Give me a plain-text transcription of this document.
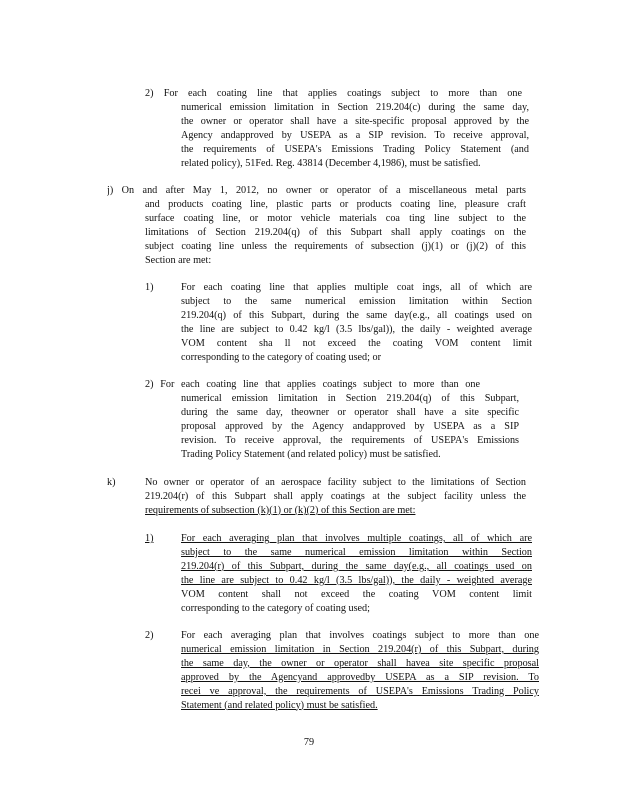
2) For each coating line that applies coatings subject to more than one
numerical emission limitation in Section 219.204(c) during the same day,
the owner or operator shall have a site-specific proposal approved by the
Agency andapproved by USEPA as a SIP revision. To receive approval,
the requirements of USEPA's Emissions Trading Policy Statement (and
related policy), 51Fed. Reg. 43814 (December 4,1986), must be satisfied.
j) On and after May 1, 2012, no owner or operator of a miscellaneous metal parts
and products coating line, plastic parts or products coating line, pleasure craft
surface coating line, or motor vehicle materials coa ting line subject to the
limitations of Section 219.204(q) of this Subpart shall apply coatings on the
subject coating line unless the requirements of subsection (j)(1) or (j)(2) of this
Section are met:
1)	For each coating line that applies multiple coat ings, all of which are
subject to the same numerical emission limitation within Section
219.204(q) of this Subpart, during the same day(e.g., all coatings used on
the line are subject to 0.42 kg/l (3.5 lbs/gal)), the daily - weighted average
VOM content sha ll not exceed the coating VOM content limit
corresponding to the category of coating used; or
2) For each coating line that applies coatings subject to more than one
numerical emission limitation in Section 219.204(q) of this Subpart,
during the same day, theowner or operator shall have a site specific
proposal approved by the Agency andapproved by USEPA as a SIP
revision. To receive approval, the requirements of USEPA's Emissions
Trading Policy Statement (and related policy) must be satisfied.
k)	No owner or operator of an aerospace facility subject to the limitations of Section
219.204(r) of this Subpart shall apply coatings at the subject facility unless the
requirements of subsection (k)(1) or (k)(2) of this Section are met:
1)	For each averaging plan that involves multiple coatings, all of which are
subject to the same numerical emission limitation within Section
219.204(r) of this Subpart, during the same day(e.g., all coatings used on
the line are subject to 0.42 kg/l (3.5 lbs/gal)), the daily - weighted average
VOM content shall not exceed the coating VOM content limit
corresponding to the category of coating used;
2)	For each averaging plan that involves coatings subject to more than one
numerical emission limitation in Section 219.204(r) of this Subpart, during
the same day, the owner or operator shall havea site specific proposal
approved by the Agencyand approvedby USEPA as a SIP revision. To
recei ve approval, the requirements of USEPA's Emissions Trading Policy
Statement (and related policy) must be satisfied.
79
